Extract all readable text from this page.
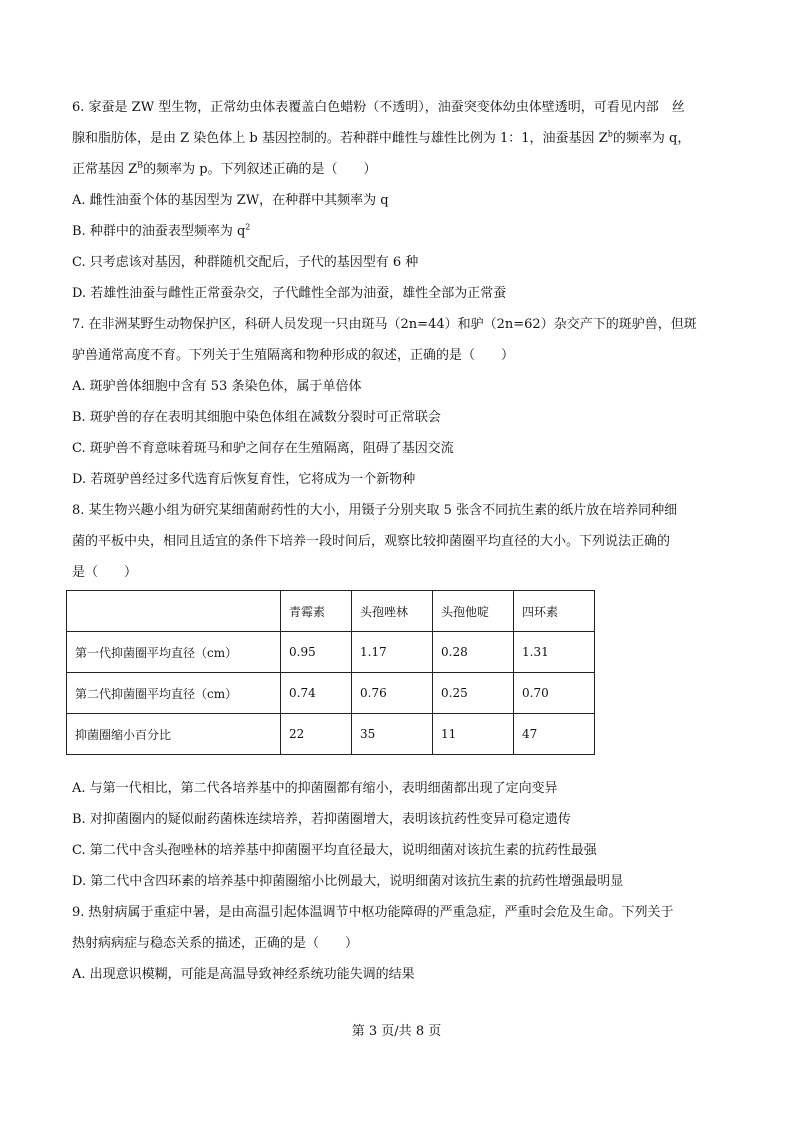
6. 家蚕是 ZW 型生物，正常幼虫体表覆盖白色蜡粉（不透明），油蚕突变体幼虫体壁透明，可看见内部　丝
腺和脂肪体，是由 Z 染色体上 b 基因控制的。若种群中雌性与雄性比例为 1：1，油蚕基因 $Z^b$的频率为 q，
正常基因 $Z^B$的频率为 p。下列叙述正确的是（　　）
A. 雌性油蚕个体的基因型为 ZW，在种群中其频率为 q
B. 种群中的油蚕表型频率为 $q^2$
C. 只考虑该对基因，种群随机交配后，子代的基因型有 6 种
D. 若雄性油蚕与雌性正常蚕杂交，子代雌性全部为油蚕，雄性全部为正常蚕
7. 在非洲某野生动物保护区，科研人员发现一只由斑马（2n=44）和驴（2n=62）杂交产下的斑驴兽，但斑
驴兽通常高度不育。下列关于生殖隔离和物种形成的叙述，正确的是（　　）
A. 斑驴兽体细胞中含有 53 条染色体，属于单倍体
B. 斑驴兽的存在表明其细胞中染色体组在减数分裂时可正常联会
C. 斑驴兽不育意味着斑马和驴之间存在生殖隔离，阻碍了基因交流
D. 若斑驴兽经过多代选育后恢复育性，它将成为一个新物种
8. 某生物兴趣小组为研究某细菌耐药性的大小，用镊子分别夹取 5 张含不同抗生素的纸片放在培养同种细
菌的平板中央，相同且适宜的条件下培养一段时间后，观察比较抑菌圈平均直径的大小。下列说法正确的
是（　　）
	青霉素	头孢唑林	头孢他啶	四环素
第一代抑菌圈平均直径（cm）	0.95	1.17	0.28	1.31
第二代抑菌圈平均直径（cm）	0.74	0.76	0.25	0.70
抑菌圈缩小百分比	22	35	11	47
A. 与第一代相比，第二代各培养基中的抑菌圈都有缩小，表明细菌都出现了定向变异
B. 对抑菌圈内的疑似耐药菌株连续培养，若抑菌圈增大，表明该抗药性变异可稳定遗传
C. 第二代中含头孢唑林的培养基中抑菌圈平均直径最大，说明细菌对该抗生素的抗药性最强
D. 第二代中含四环素的培养基中抑菌圈缩小比例最大，说明细菌对该抗生素的抗药性增强最明显
9. 热射病属于重症中暑，是由高温引起体温调节中枢功能障碍的严重急症，严重时会危及生命。下列关于
热射病病症与稳态关系的描述，正确的是（　　）
A. 出现意识模糊，可能是高温导致神经系统功能失调的结果
第 3 页/共 8 页
